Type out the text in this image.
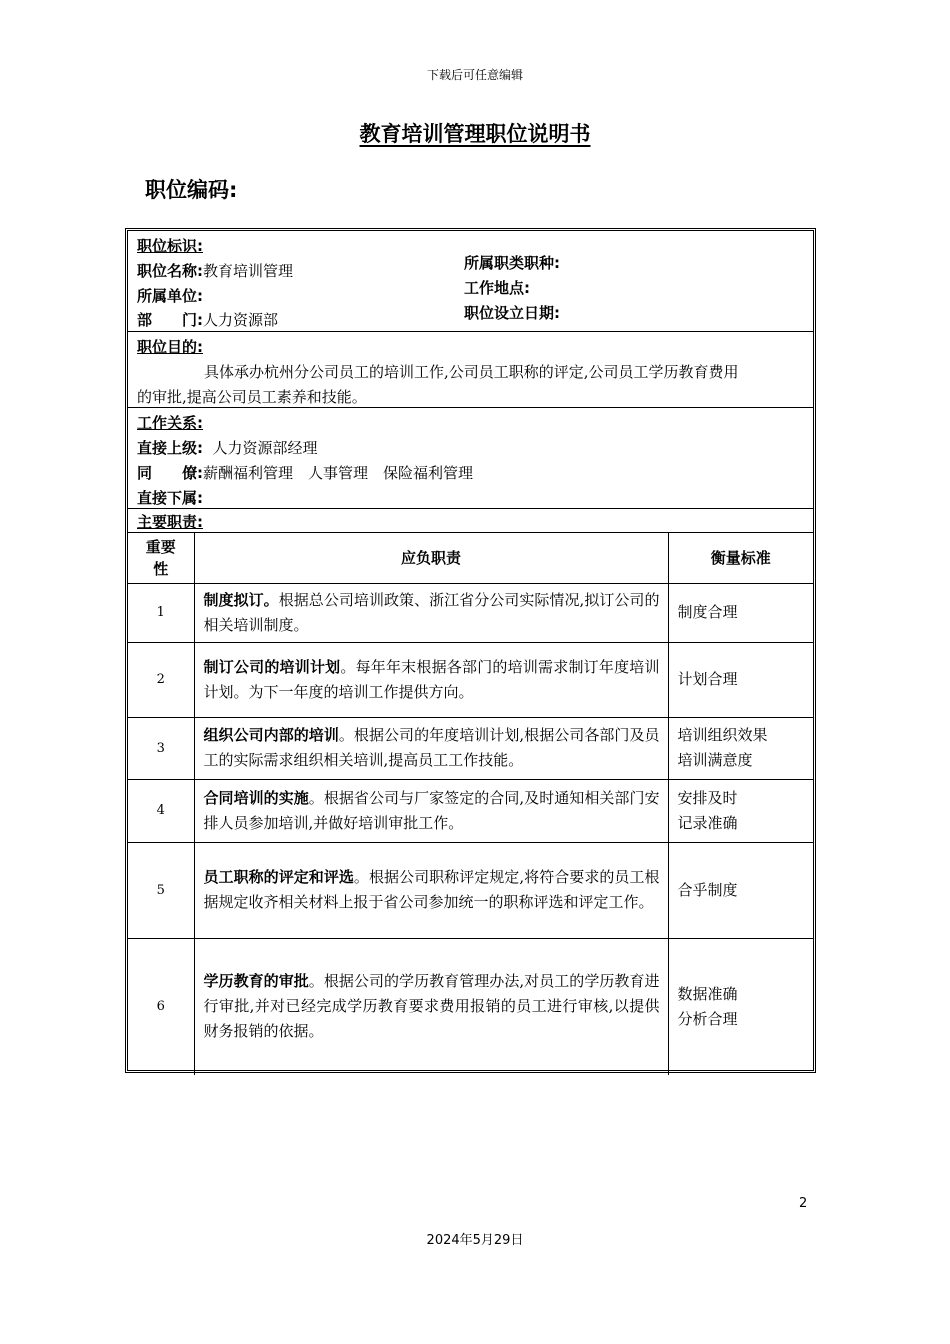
下载后可任意编辑
教育培训管理职位说明书
职位编码:
职位标识:
职位名称:教育培训管理
所属单位:
部　　门:人力资源部
所属职类职种:
工作地点:
职位设立日期:
职位目的:
具体承办杭州分公司员工的培训工作,公司员工职称的评定,公司员工学历教育费用
的审批,提高公司员工素养和技能。
工作关系:
直接上级: 人力资源部经理
同　　僚:薪酬福利管理　人事管理　保险福利管理
直接下属:
主要职责:
重要性	应负职责	衡量标准
1	制度拟订。根据总公司培训政策、浙江省分公司实际情况,拟订公司的相关培训制度。	制度合理

2	制订公司的培训计划。每年年末根据各部门的培训需求制订年度培训计划。为下一年度的培训工作提供方向。	计划合理

3	组织公司内部的培训。根据公司的年度培训计划,根据公司各部门及员工的实际需求组织相关培训,提高员工工作技能。	培训组织效果
培训满意度

4	合同培训的实施。根据省公司与厂家签定的合同,及时通知相关部门安排人员参加培训,并做好培训审批工作。	安排及时
记录准确

5	员工职称的评定和评选。根据公司职称评定规定,将符合要求的员工根据规定收齐相关材料上报于省公司参加统一的职称评选和评定工作。	合乎制度

6	学历教育的审批。根据公司的学历教育管理办法,对员工的学历教育进行审批,并对已经完成学历教育要求费用报销的员工进行审核,以提供财务报销的依据。	数据准确
分析合理
2
2024年5月29日
